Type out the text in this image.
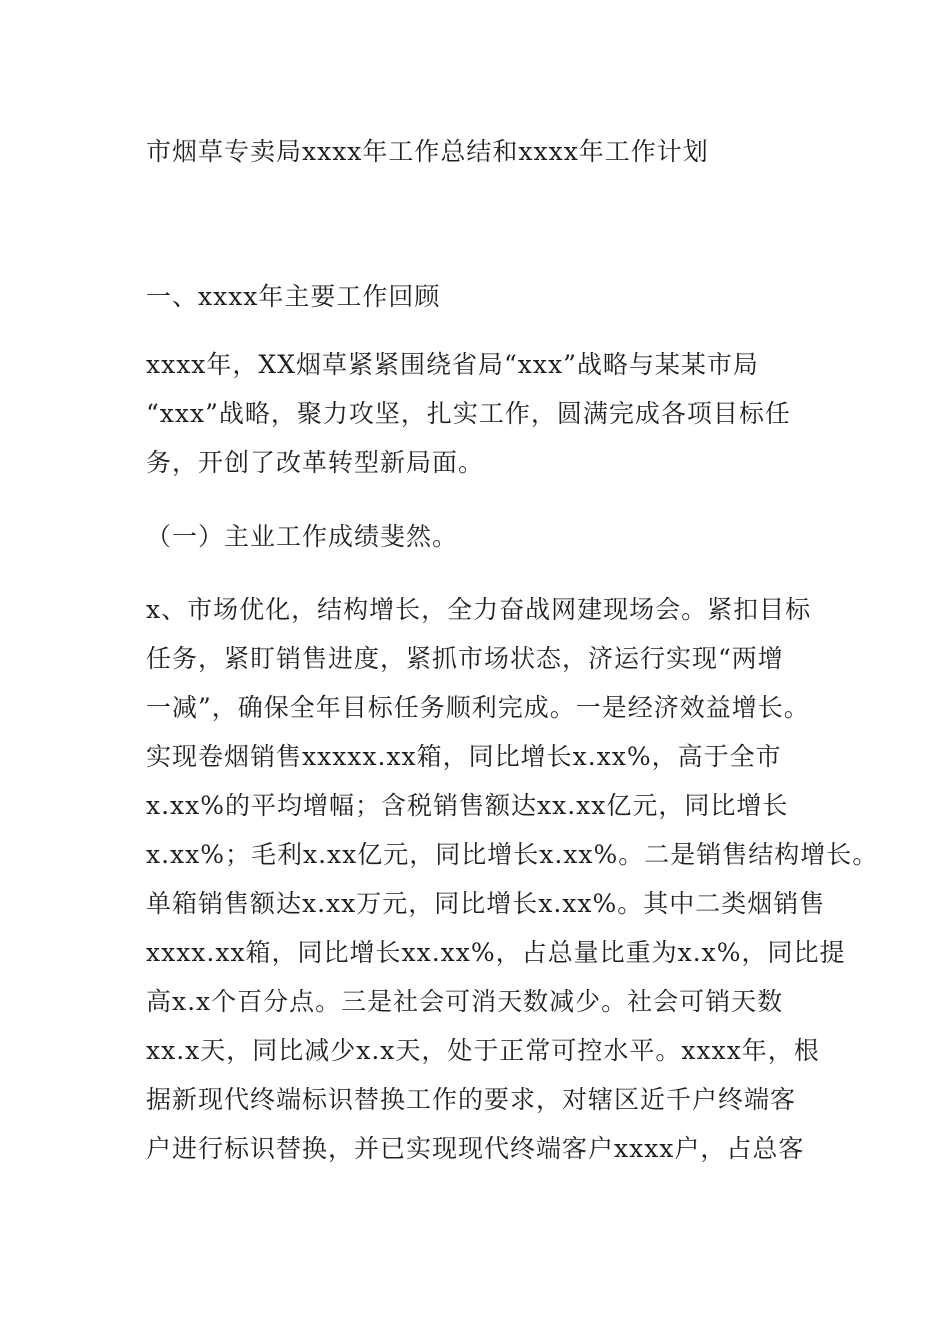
市烟草专卖局xxxx年工作总结和xxxx年工作计划
一、xxxx年主要工作回顾
xxxx年，XX烟草紧紧围绕省局“xxx”战略与某某市局
“xxx”战略，聚力攻坚，扎实工作，圆满完成各项目标任
务，开创了改革转型新局面。
（一）主业工作成绩斐然。
x、市场优化，结构增长，全力奋战网建现场会。紧扣目标
任务，紧盯销售进度，紧抓市场状态，济运行实现“两增
一减”，确保全年目标任务顺利完成。一是经济效益增长。
实现卷烟销售xxxxx.xx箱，同比增长x.xx%，高于全市
x.xx%的平均增幅；含税销售额达xx.xx亿元，同比增长
x.xx%；毛利x.xx亿元，同比增长x.xx%。二是销售结构增长。
单箱销售额达x.xx万元，同比增长x.xx%。其中二类烟销售
xxxx.xx箱，同比增长xx.xx%，占总量比重为x.x%，同比提
高x.x个百分点。三是社会可消天数减少。社会可销天数
xx.x天，同比减少x.x天，处于正常可控水平。xxxx年，根
据新现代终端标识替换工作的要求，对辖区近千户终端客
户进行标识替换，并已实现现代终端客户xxxx户，占总客
